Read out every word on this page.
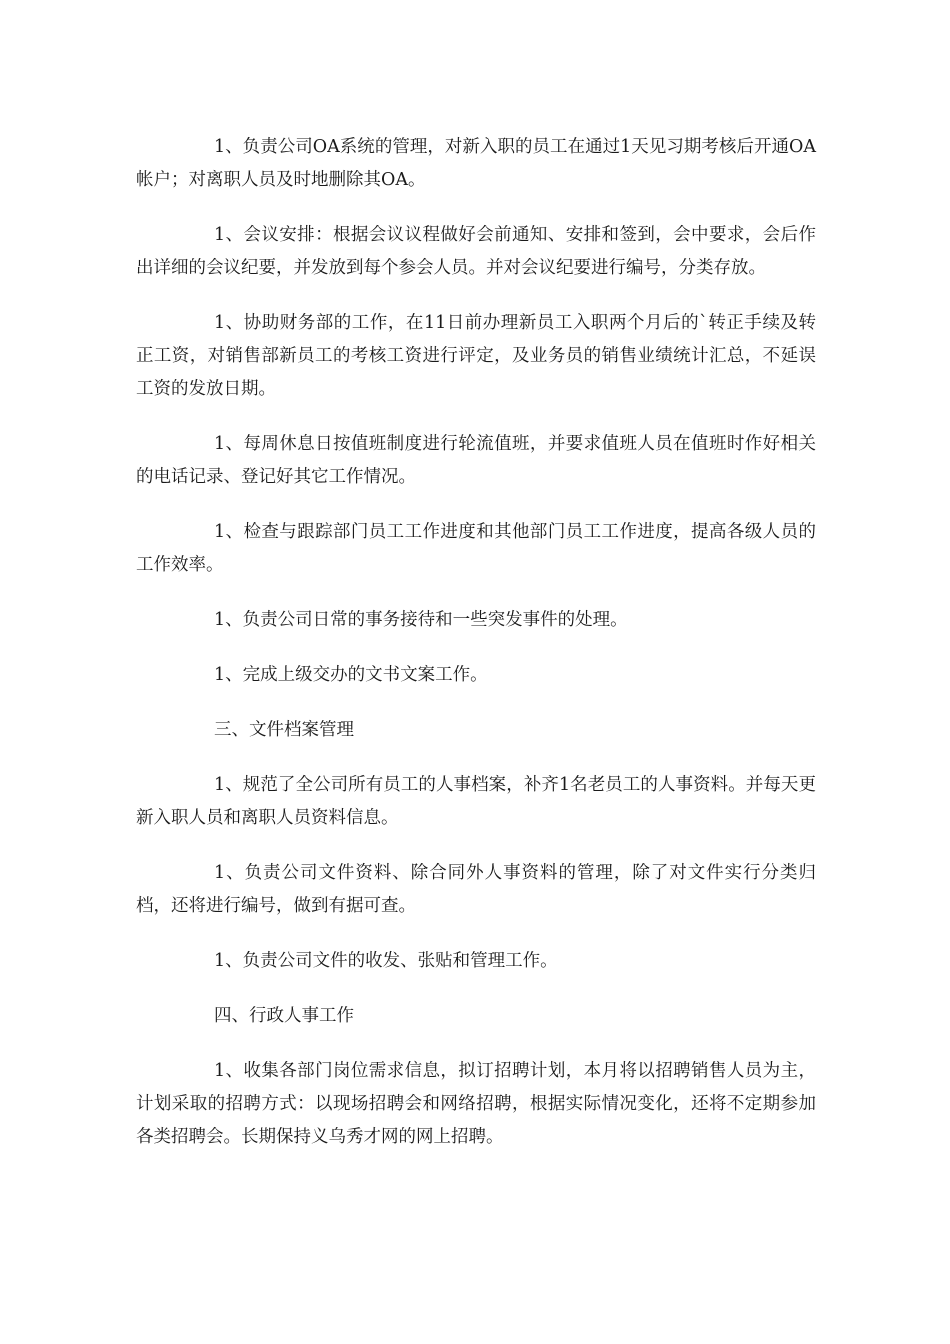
1、负责公司OA系统的管理，对新入职的员工在通过1天见习期考核后开通OA帐户；对离职人员及时地删除其OA。

1、会议安排：根据会议议程做好会前通知、安排和签到，会中要求，会后作出详细的会议纪要，并发放到每个参会人员。并对会议纪要进行编号，分类存放。

1、协助财务部的工作，在11日前办理新员工入职两个月后的`转正手续及转正工资，对销售部新员工的考核工资进行评定，及业务员的销售业绩统计汇总，不延误工资的发放日期。

1、每周休息日按值班制度进行轮流值班，并要求值班人员在值班时作好相关的电话记录、登记好其它工作情况。

1、检查与跟踪部门员工工作进度和其他部门员工工作进度，提高各级人员的工作效率。

1、负责公司日常的事务接待和一些突发事件的处理。

1、完成上级交办的文书文案工作。

三、文件档案管理

1、规范了全公司所有员工的人事档案，补齐1名老员工的人事资料。并每天更新入职人员和离职人员资料信息。

1、负责公司文件资料、除合同外人事资料的管理，除了对文件实行分类归档，还将进行编号，做到有据可查。

1、负责公司文件的收发、张贴和管理工作。

四、行政人事工作

1、收集各部门岗位需求信息，拟订招聘计划，本月将以招聘销售人员为主，计划采取的招聘方式：以现场招聘会和网络招聘，根据实际情况变化，还将不定期参加各类招聘会。长期保持义乌秀才网的网上招聘。
